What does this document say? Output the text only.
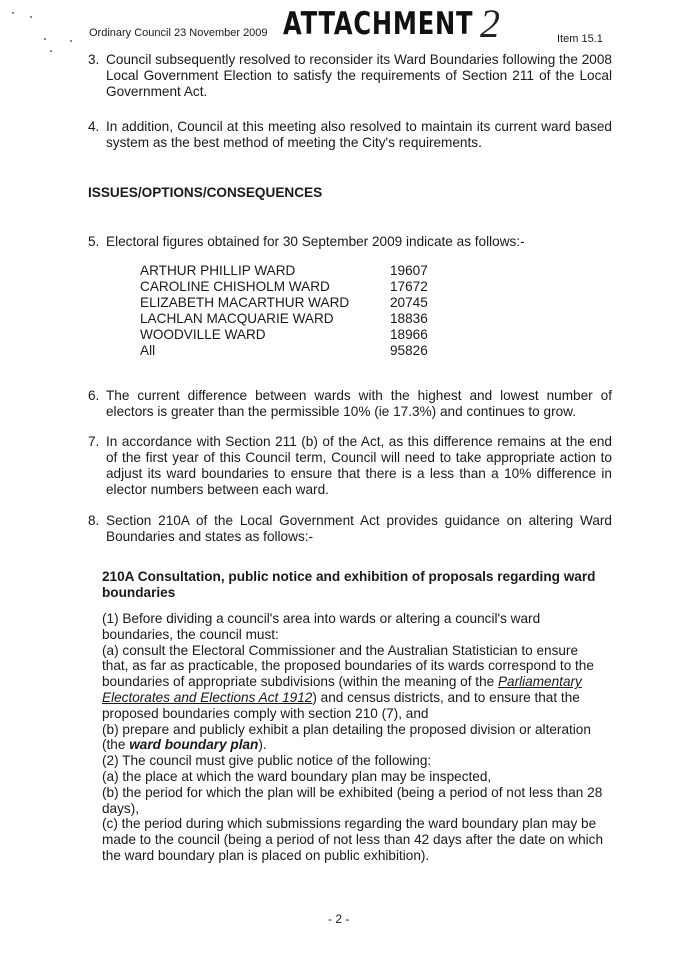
Ordinary Council 23 November 2009 ATTACHMENT 2	Item 15.1
3. Council subsequently resolved to reconsider its Ward Boundaries following the 2008 Local Government Election to satisfy the requirements of Section 211 of the Local Government Act.
4. In addition, Council at this meeting also resolved to maintain its current ward based system as the best method of meeting the City's requirements.
ISSUES/OPTIONS/CONSEQUENCES
5. Electoral figures obtained for 30 September 2009 indicate as follows:-
ARTHUR PHILLIP WARD	19607
CAROLINE CHISHOLM WARD	17672
ELIZABETH MACARTHUR WARD	20745
LACHLAN MACQUARIE WARD	18836
WOODVILLE WARD	18966
All	95826
6. The current difference between wards with the highest and lowest number of electors is greater than the permissible 10% (ie 17.3%) and continues to grow.
7. In accordance with Section 211 (b) of the Act, as this difference remains at the end of the first year of this Council term, Council will need to take appropriate action to adjust its ward boundaries to ensure that there is a less than a 10% difference in elector numbers between each ward.
8. Section 210A of the Local Government Act provides guidance on altering Ward Boundaries and states as follows:-
210A Consultation, public notice and exhibition of proposals regarding ward boundaries

(1) Before dividing a council's area into wards or altering a council's ward boundaries, the council must:

(a) consult the Electoral Commissioner and the Australian Statistician to ensure that, as far as practicable, the proposed boundaries of its wards correspond to the boundaries of appropriate subdivisions (within the meaning of the Parliamentary Electorates and Elections Act 1912) and census districts, and to ensure that the proposed boundaries comply with section 210 (7), and

(b) prepare and publicly exhibit a plan detailing the proposed division or alteration (the ward boundary plan).

(2) The council must give public notice of the following:

(a) the place at which the ward boundary plan may be inspected,

(b) the period for which the plan will be exhibited (being a period of not less than 28 days),

(c) the period during which submissions regarding the ward boundary plan may be made to the council (being a period of not less than 42 days after the date on which the ward boundary plan is placed on public exhibition).

- 2 -
